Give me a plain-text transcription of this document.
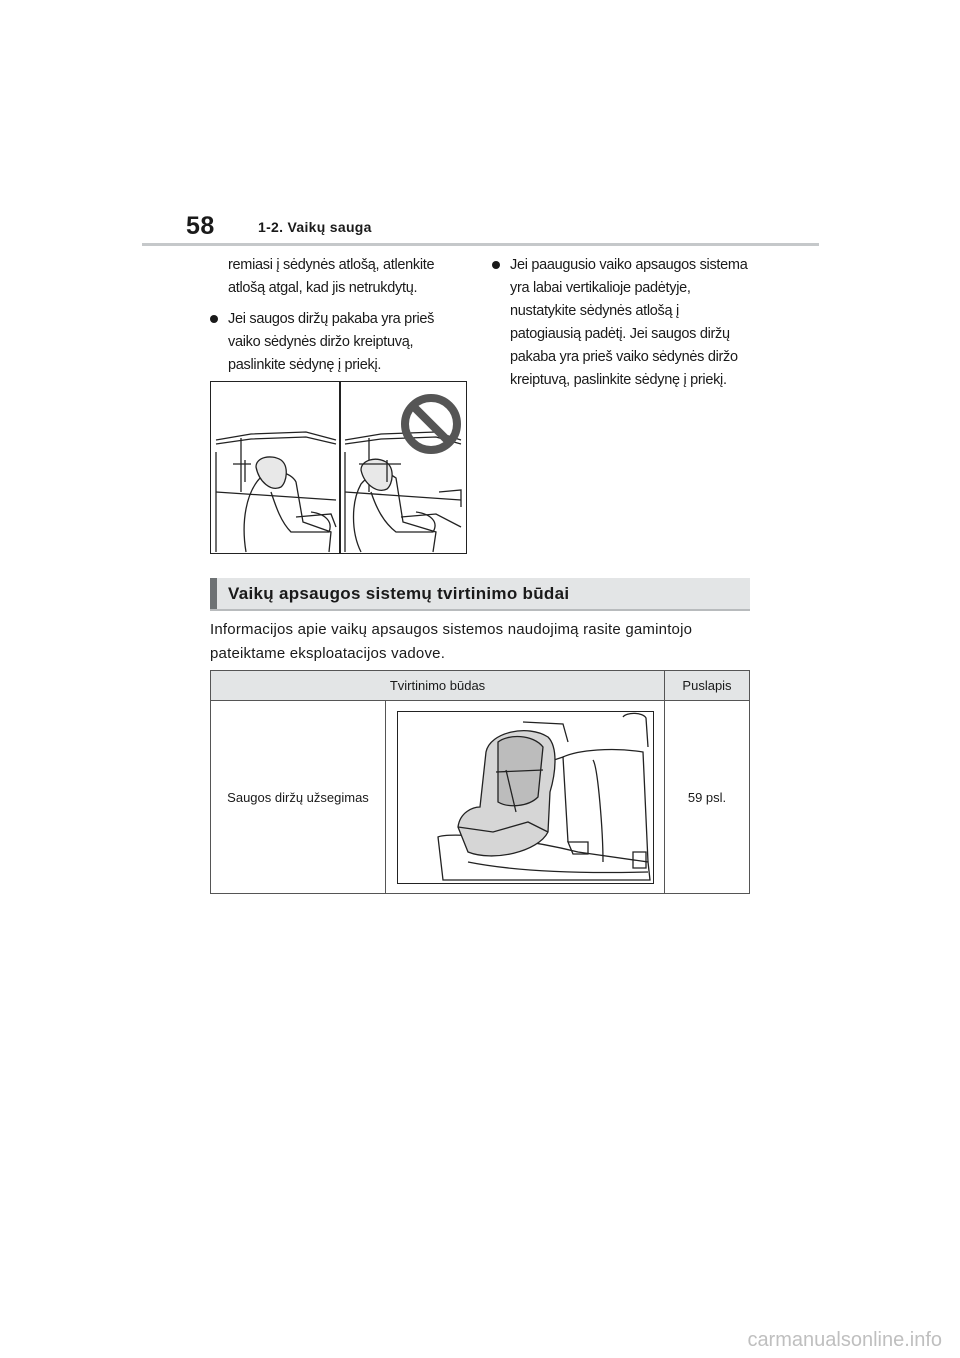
58	1-2. Vaikų sauga

remiasi į sėdynės atlošą, atlenkite atlošą atgal, kad jis netrukdytų.

Jei saugos diržų pakaba yra prieš vaiko sėdynės diržo kreiptuvą, paslinkite sėdynę į priekį.

Jei paaugusio vaiko apsaugos sistema yra labai vertikalioje padėtyje, nustatykite sėdynės atlošą į patogiausią padėtį. Jei saugos diržų pakaba yra prieš vaiko sėdynės diržo kreiptuvą, paslinkite sėdynę į priekį.

Vaikų apsaugos sistemų tvirtinimo būdai
Informacijos apie vaikų apsaugos sistemos naudojimą rasite gamintojo pateiktame eksploatacijos vadove.
Tvirtinimo būdas		Puslapis
Saugos diržų užsegimas		59 psl.
carmanualsonline.info
